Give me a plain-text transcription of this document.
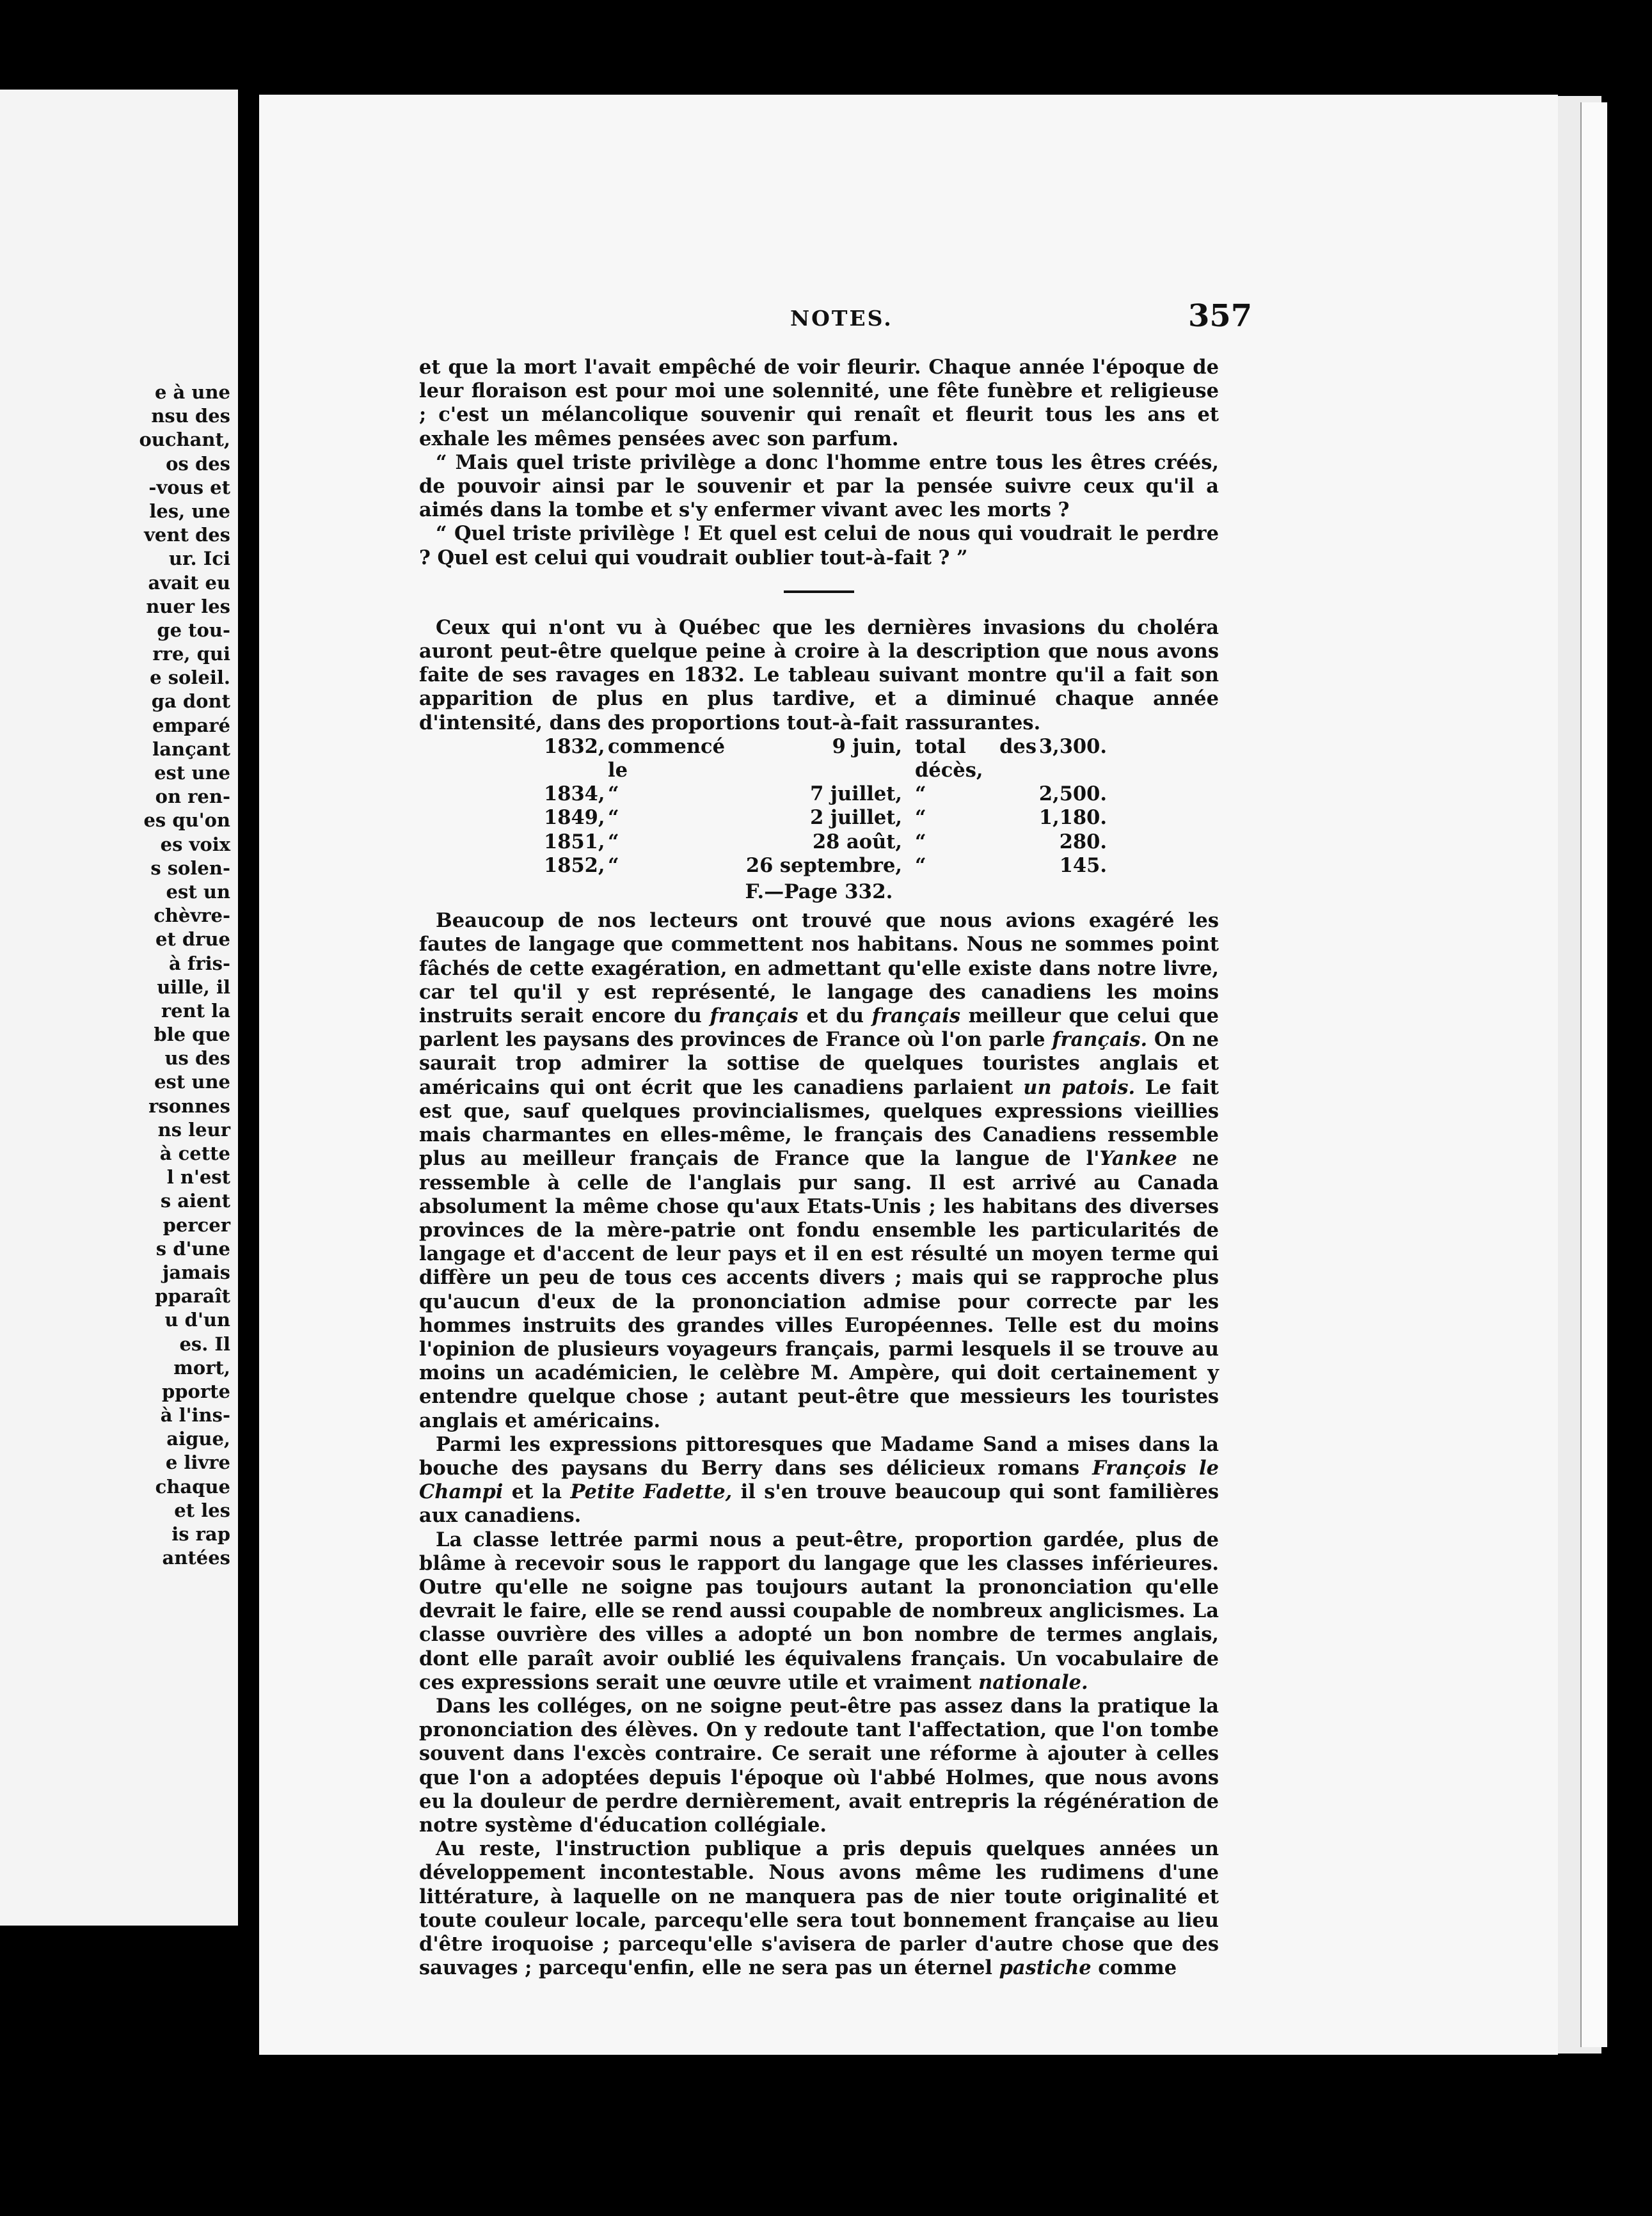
e à une
nsu des
ouchant,
os des
-vous et
les, une
vent des
ur. Ici
avait eu
nuer les
ge tou-
rre, qui
e soleil.
ga dont
emparé
lançant
est une
on ren-
es qu'on
es voix
s solen-
est un
chèvre-
et drue
à fris-
uille, il
rent la
ble que
us des
est une
rsonnes
ns leur
à cette
l n'est
s aient
percer
s d'une
jamais
pparaît
u d'un
es. Il
mort,
pporte
à l'ins-
aigue,
e livre
chaque
et les
is rap
antées
NOTES.	357

et que la mort l'avait empêché de voir fleurir. Chaque année l'époque de leur floraison est pour moi une solennité, une fête funèbre et religieuse ; c'est un mélancolique souvenir qui renaît et fleurit tous les ans et exhale les mêmes pensées avec son parfum.

“ Mais quel triste privilège a donc l'homme entre tous les êtres créés, de pouvoir ainsi par le souvenir et par la pensée suivre ceux qu'il a aimés dans la tombe et s'y enfermer vivant avec les morts ?

“ Quel triste privilège ! Et quel est celui de nous qui voudrait le perdre ? Quel est celui qui voudrait oublier tout-à-fait ? ”

Ceux qui n'ont vu à Québec que les dernières invasions du choléra auront peut-être quelque peine à croire à la description que nous avons faite de ses ravages en 1832. Le tableau suivant montre qu'il a fait son apparition de plus en plus tardive, et a diminué chaque année d'intensité, dans des proportions tout-à-fait rassurantes.

1832,	commencé le	9 juin,	total des décès,	3,300.
1834,	“	7 juillet,	“	2,500.
1849,	“	2 juillet,	“	1,180.
1851,	“	28 août,	“	280.
1852,	“	26 septembre,	“	145.
F.—Page 332.

Beaucoup de nos lecteurs ont trouvé que nous avions exagéré les fautes de langage que commettent nos habitans. Nous ne sommes point fâchés de cette exagération, en admettant qu'elle existe dans notre livre, car tel qu'il y est représenté, le langage des canadiens les moins instruits serait encore du français et du français meilleur que celui que parlent les paysans des provinces de France où l'on parle français. On ne saurait trop admirer la sottise de quelques touristes anglais et américains qui ont écrit que les canadiens parlaient un patois. Le fait est que, sauf quelques provincialismes, quelques expressions vieillies mais charmantes en elles-même, le français des Canadiens ressemble plus au meilleur français de France que la langue de l'Yankee ne ressemble à celle de l'anglais pur sang. Il est arrivé au Canada absolument la même chose qu'aux Etats-Unis ; les habitans des diverses provinces de la mère-patrie ont fondu ensemble les particularités de langage et d'accent de leur pays et il en est résulté un moyen terme qui diffère un peu de tous ces accents divers ; mais qui se rapproche plus qu'aucun d'eux de la prononciation admise pour correcte par les hommes instruits des grandes villes Européennes. Telle est du moins l'opinion de plusieurs voyageurs français, parmi lesquels il se trouve au moins un académicien, le celèbre M. Ampère, qui doit certainement y entendre quelque chose ; autant peut-être que messieurs les touristes anglais et américains.

Parmi les expressions pittoresques que Madame Sand a mises dans la bouche des paysans du Berry dans ses délicieux romans François le Champi et la Petite Fadette, il s'en trouve beaucoup qui sont familières aux canadiens.

La classe lettrée parmi nous a peut-être, proportion gardée, plus de blâme à recevoir sous le rapport du langage que les classes inférieures. Outre qu'elle ne soigne pas toujours autant la prononciation qu'elle devrait le faire, elle se rend aussi coupable de nombreux anglicismes. La classe ouvrière des villes a adopté un bon nombre de termes anglais, dont elle paraît avoir oublié les équivalens français. Un vocabulaire de ces expressions serait une œuvre utile et vraiment nationale.

Dans les colléges, on ne soigne peut-être pas assez dans la pratique la prononciation des élèves. On y redoute tant l'affectation, que l'on tombe souvent dans l'excès contraire. Ce serait une réforme à ajouter à celles que l'on a adoptées depuis l'époque où l'abbé Holmes, que nous avons eu la douleur de perdre dernièrement, avait entrepris la régénération de notre système d'éducation collégiale.

Au reste, l'instruction publique a pris depuis quelques années un développement incontestable. Nous avons même les rudimens d'une littérature, à laquelle on ne manquera pas de nier toute originalité et toute couleur locale, parcequ'elle sera tout bonnement française au lieu d'être iroquoise ; parcequ'elle s'avisera de parler d'autre chose que des sauvages ; parcequ'enfin, elle ne sera pas un éternel pastiche comme
